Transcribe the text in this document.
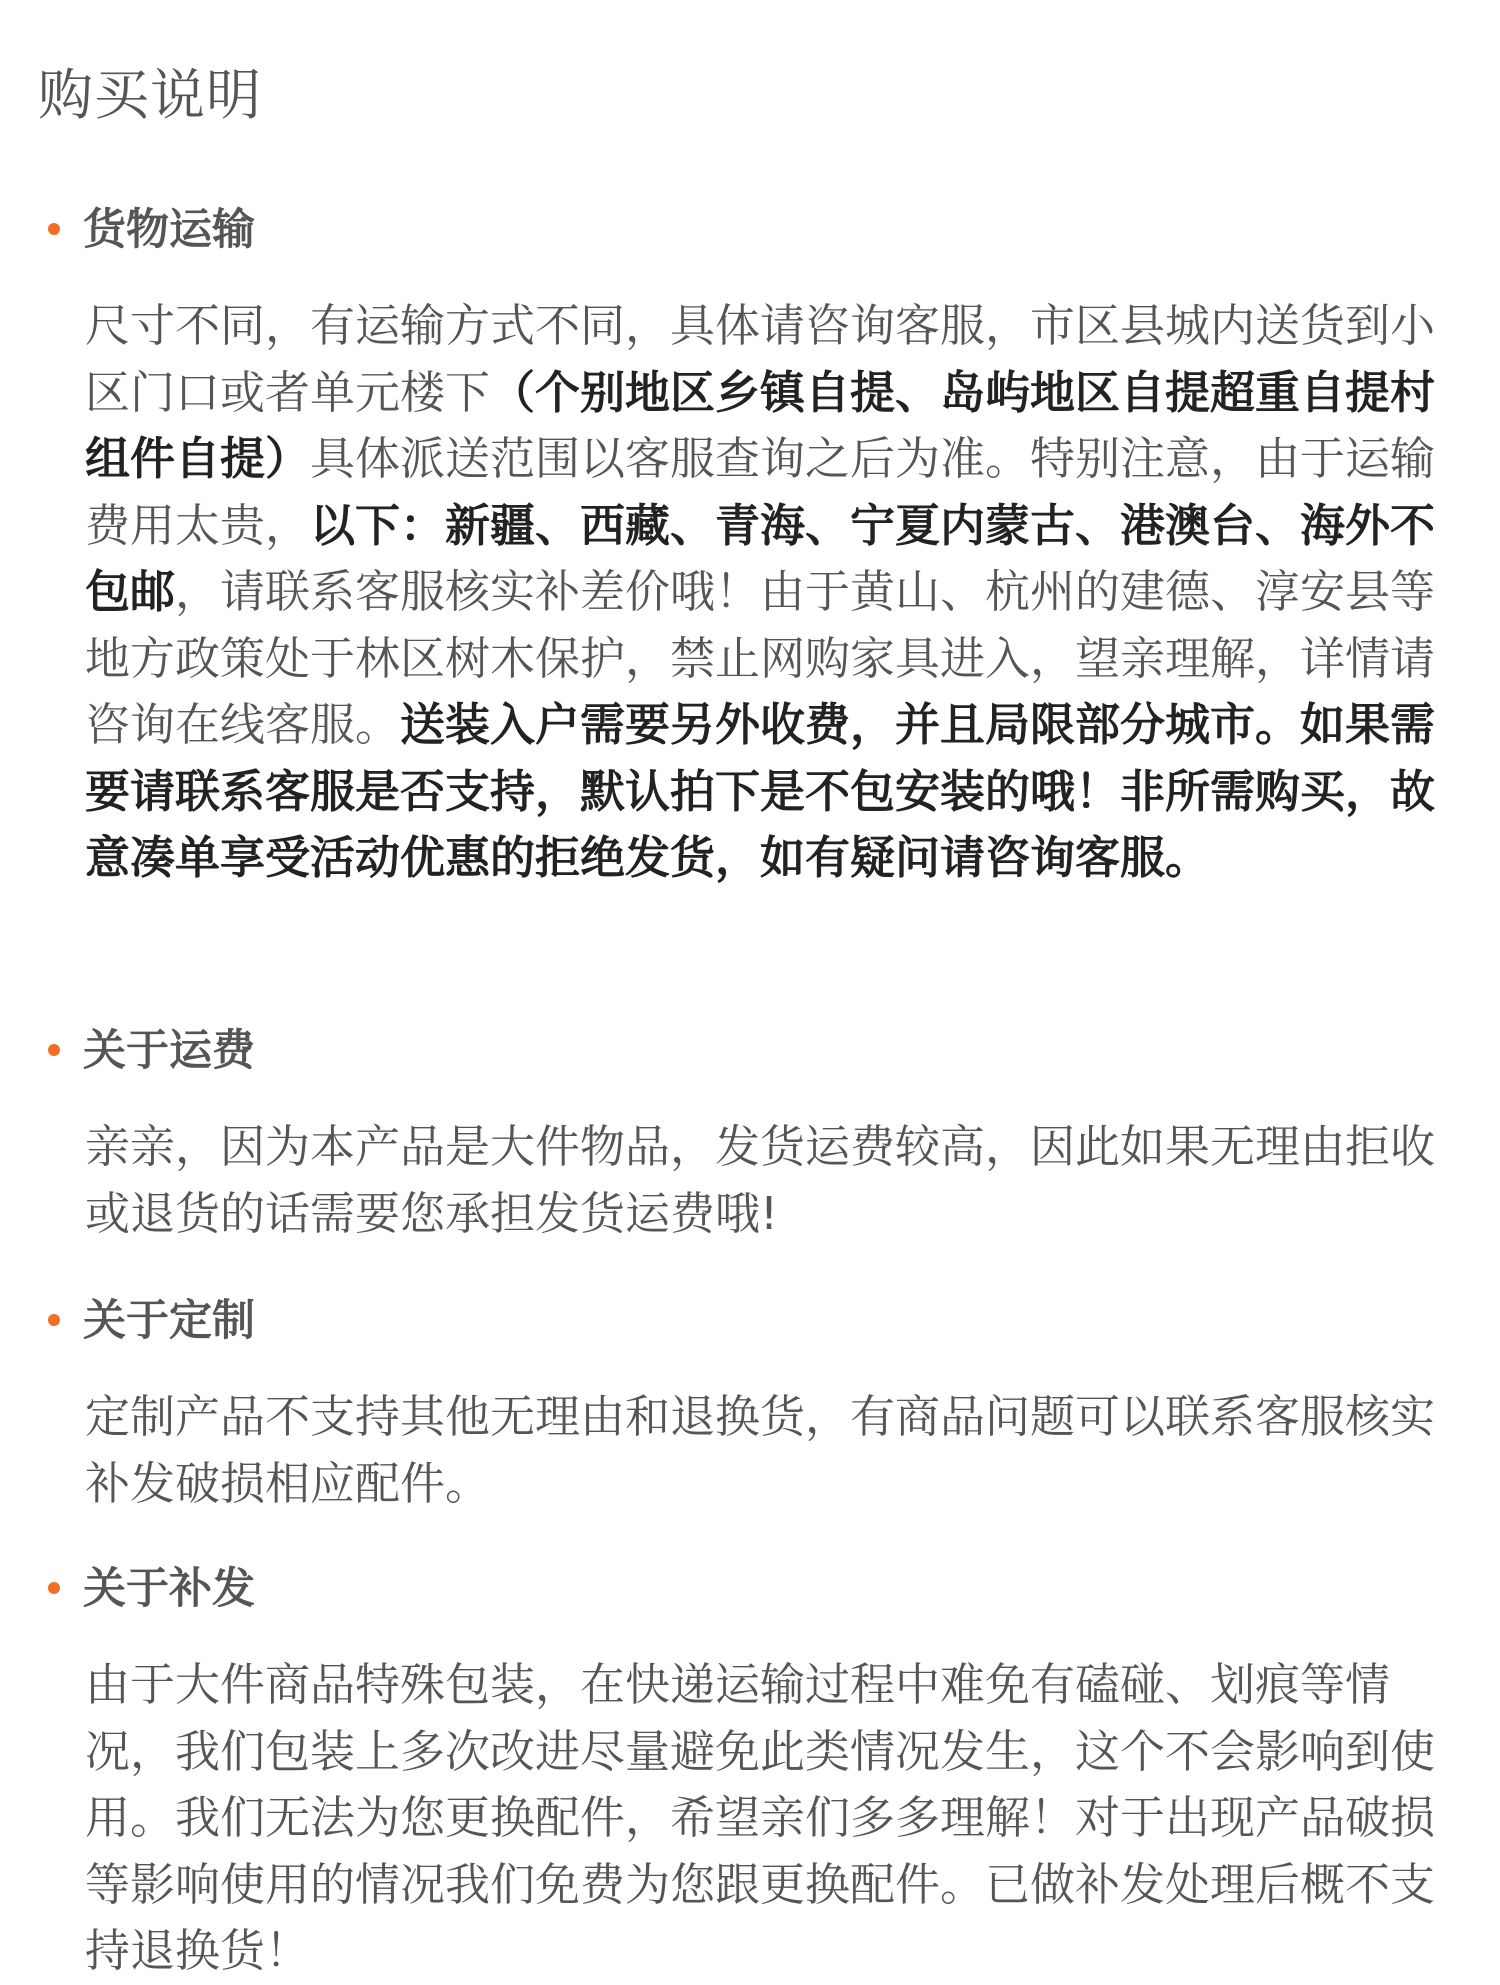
购买说明
货物运输

尺寸不同，有运输方式不同，具体请咨询客服，市区县城内送货到小区门口或者单元楼下（个别地区乡镇自提、岛屿地区自提超重自提村组件自提）具体派送范围以客服查询之后为准。特别注意，由于运输费用太贵，以下：新疆、西藏、青海、宁夏内蒙古、港澳台、海外不包邮，请联系客服核实补差价哦！由于黄山、杭州的建德、淳安县等地方政策处于林区树木保护，禁止网购家具进入，望亲理解，详情请咨询在线客服。送装入户需要另外收费，并且局限部分城市。如果需要请联系客服是否支持，默认拍下是不包安装的哦！非所需购买，故意凑单享受活动优惠的拒绝发货，如有疑问请咨询客服。

关于运费

亲亲，因为本产品是大件物品，发货运费较高，因此如果无理由拒收或退货的话需要您承担发货运费哦!

关于定制

定制产品不支持其他无理由和退换货，有商品问题可以联系客服核实补发破损相应配件。

关于补发

由于大件商品特殊包装，在快递运输过程中难免有磕碰、划痕等情况，我们包装上多次改进尽量避免此类情况发生，这个不会影响到使用。我们无法为您更换配件，希望亲们多多理解！对于出现产品破损等影响使用的情况我们免费为您跟更换配件。已做补发处理后概不支持退换货！
